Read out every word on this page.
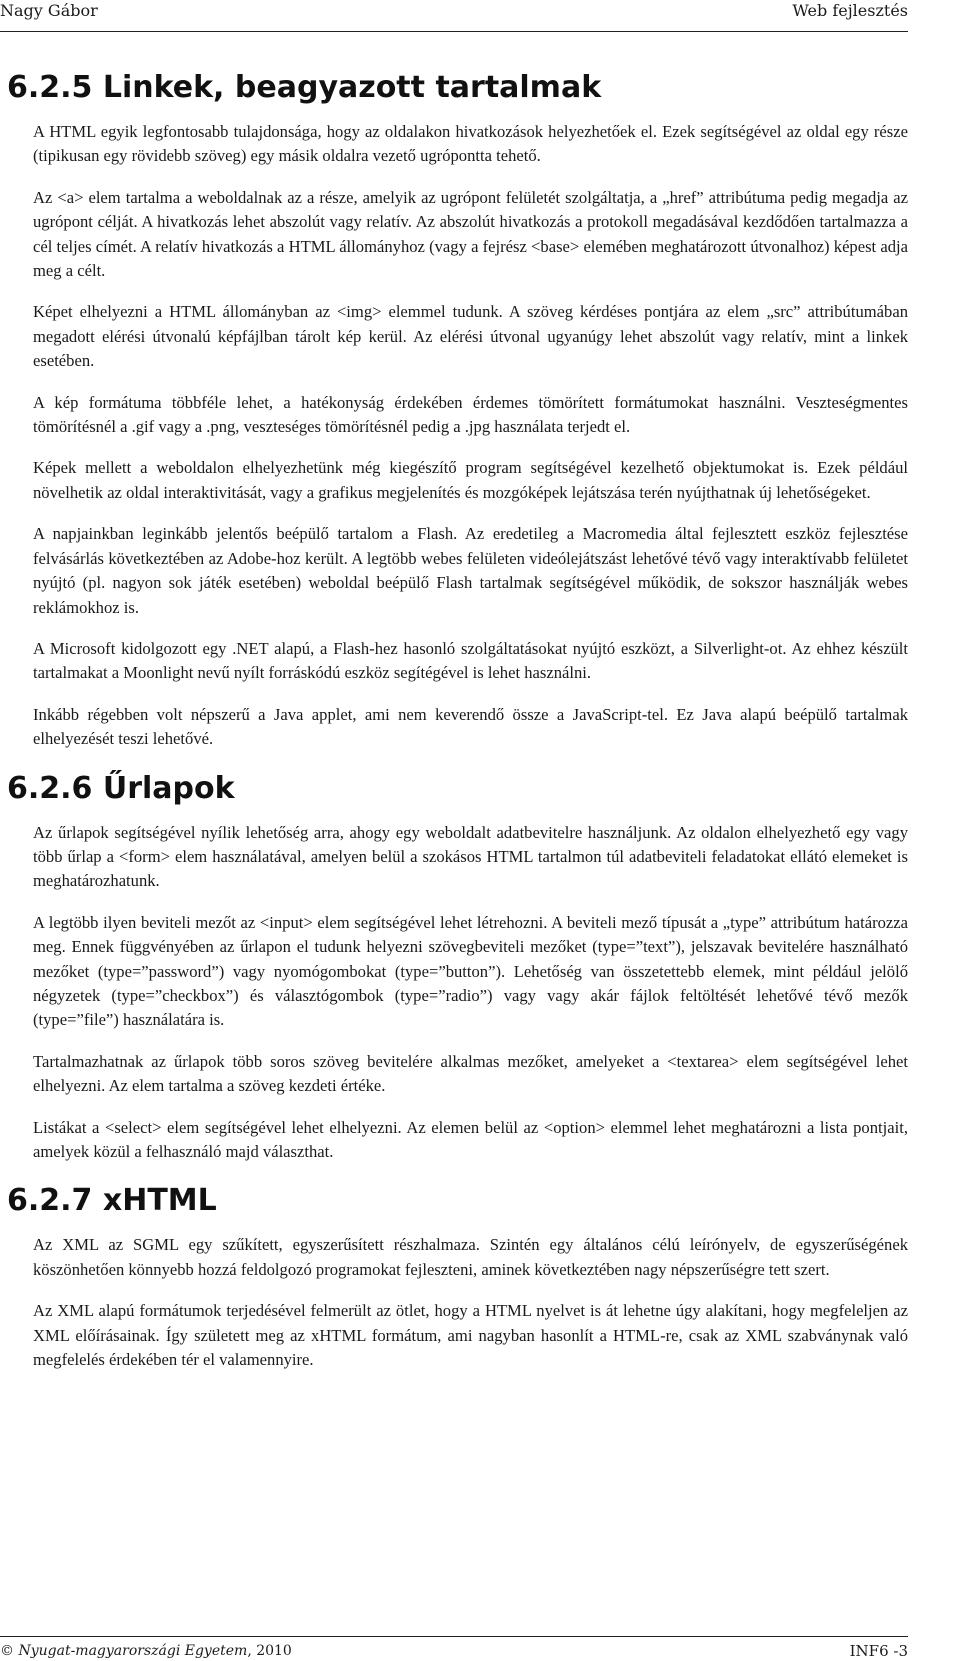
Nagy Gábor	Web fejlesztés
6.2.5 Linkek, beagyazott tartalmak

A HTML egyik legfontosabb tulajdonsága, hogy az oldalakon hivatkozások helyezhetőek el. Ezek segítségével az oldal egy része (tipikusan egy rövidebb szöveg) egy másik oldalra vezető ugrópontta tehető.

Az <a> elem tartalma a weboldalnak az a része, amelyik az ugrópont felületét szolgáltatja, a „href” attribútuma pedig megadja az ugrópont célját. A hivatkozás lehet abszolút vagy relatív. Az abszolút hivatkozás a protokoll megadásával kezdődően tartalmazza a cél teljes címét. A relatív hivatkozás a HTML állományhoz (vagy a fejrész <base> elemében meghatározott útvonalhoz) képest adja meg a célt.

Képet elhelyezni a HTML állományban az <img> elemmel tudunk. A szöveg kérdéses pontjára az elem „src” attribútumában megadott elérési útvonalú képfájlban tárolt kép kerül. Az elérési útvonal ugyanúgy lehet abszolút vagy relatív, mint a linkek esetében.

A kép formátuma többféle lehet, a hatékonyság érdekében érdemes tömörített formátumokat használni. Veszteségmentes tömörítésnél a .gif vagy a .png, veszteséges tömörítésnél pedig a .jpg használata terjedt el.

Képek mellett a weboldalon elhelyezhetünk még kiegészítő program segítségével kezelhető objektumokat is. Ezek például növelhetik az oldal interaktivitását, vagy a grafikus megjelenítés és mozgóképek lejátszása terén nyújthatnak új lehetőségeket.

A napjainkban leginkább jelentős beépülő tartalom a Flash. Az eredetileg a Macromedia által fejlesztett eszköz fejlesztése felvásárlás következtében az Adobe-hoz került. A legtöbb webes felületen videólejátszást lehetővé tévő vagy interaktívabb felületet nyújtó (pl. nagyon sok játék esetében) weboldal beépülő Flash tartalmak segítségével működik, de sokszor használják webes reklámokhoz is.

A Microsoft kidolgozott egy .NET alapú, a Flash-hez hasonló szolgáltatásokat nyújtó eszközt, a Silverlight-ot. Az ehhez készült tartalmakat a Moonlight nevű nyílt forráskódú eszköz segítégével is lehet használni.

Inkább régebben volt népszerű a Java applet, ami nem keverendő össze a JavaScript-tel. Ez Java alapú beépülő tartalmak elhelyezését teszi lehetővé.

6.2.6 Űrlapok

Az űrlapok segítségével nyílik lehetőség arra, ahogy egy weboldalt adatbevitelre használjunk. Az oldalon elhelyezhető egy vagy több űrlap a <form> elem használatával, amelyen belül a szokásos HTML tartalmon túl adatbeviteli feladatokat ellátó elemeket is meghatározhatunk.

A legtöbb ilyen beviteli mezőt az <input> elem segítségével lehet létrehozni. A beviteli mező típusát a „type” attribútum határozza meg. Ennek függvényében az űrlapon el tudunk helyezni szövegbeviteli mezőket (type=”text”), jelszavak bevitelére használható mezőket (type=”password”) vagy nyomógombokat (type=”button”). Lehetőség van összetettebb elemek, mint például jelölő négyzetek (type=”checkbox”) és választógombok (type=”radio”) vagy vagy akár fájlok feltöltését lehetővé tévő mezők (type=”file”) használatára is.

Tartalmazhatnak az űrlapok több soros szöveg bevitelére alkalmas mezőket, amelyeket a <textarea> elem segítségével lehet elhelyezni. Az elem tartalma a szöveg kezdeti értéke.

Listákat a <select> elem segítségével lehet elhelyezni. Az elemen belül az <option> elemmel lehet meghatározni a lista pontjait, amelyek közül a felhasználó majd választhat.

6.2.7 xHTML

Az XML az SGML egy szűkített, egyszerűsített részhalmaza. Szintén egy általános célú leírónyelv, de egyszerűségének köszönhetően könnyebb hozzá feldolgozó programokat fejleszteni, aminek következtében nagy népszerűségre tett szert.

Az XML alapú formátumok terjedésével felmerült az ötlet, hogy a HTML nyelvet is át lehetne úgy alakítani, hogy megfeleljen az XML előírásainak. Így született meg az xHTML formátum, ami nagyban hasonlít a HTML-re, csak az XML szabványnak való megfelelés érdekében tér el valamennyire.

© Nyugat-magyarországi Egyetem, 2010	INF6 -3
